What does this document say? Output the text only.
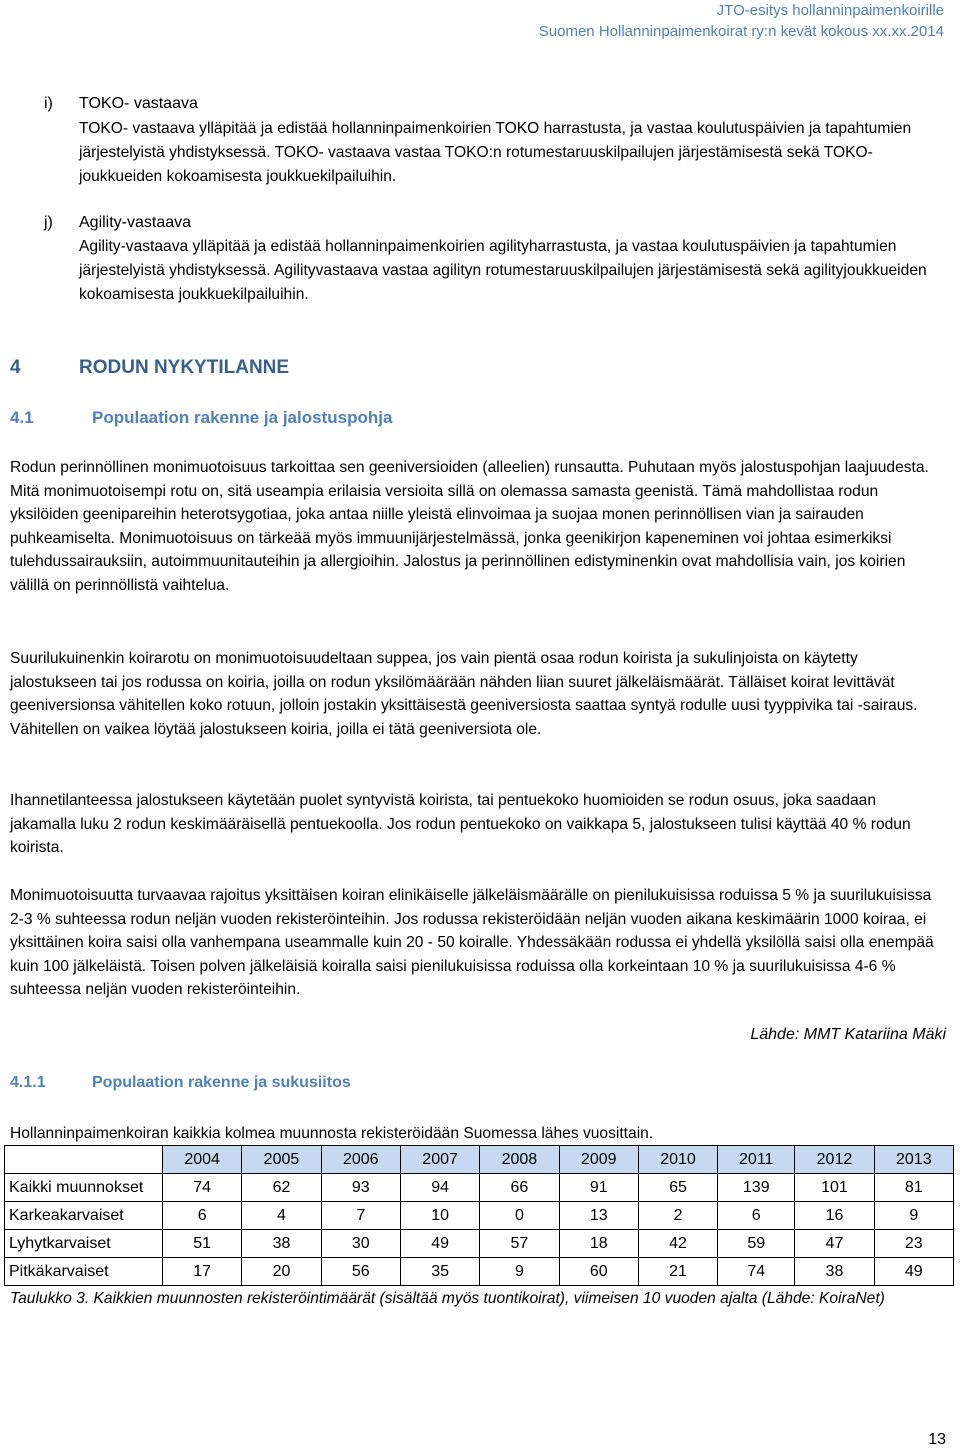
JTO-esitys hollanninpaimenkoirille
Suomen Hollanninpaimenkoirat ry:n kevät kokous xx.xx.2014
i) TOKO- vastaava
TOKO- vastaava ylläpitää ja edistää hollanninpaimenkoirien TOKO harrastusta, ja vastaa koulutuspäivien ja tapahtumien järjestelyistä yhdistyksessä. TOKO- vastaava vastaa TOKO:n rotumestaruuskilpailujen järjestämisestä sekä TOKO- joukkueiden kokoamisesta joukkuekilpailuihin.
j) Agility-vastaava
Agility-vastaava ylläpitää ja edistää hollanninpaimenkoirien agilityharrastusta, ja vastaa koulutuspäivien ja tapahtumien järjestelyistä yhdistyksessä. Agilityvastaava vastaa agilityn rotumestaruuskilpailujen järjestämisestä sekä agilityjoukkueiden kokoamisesta joukkuekilpailuihin.
4	RODUN NYKYTILANNE
4.1	Populaation rakenne ja jalostuspohja
Rodun perinnöllinen monimuotoisuus tarkoittaa sen geeniversioiden (alleelien) runsautta. Puhutaan myös jalostuspohjan laajuudesta. Mitä monimuotoisempi rotu on, sitä useampia erilaisia versioita sillä on olemassa samasta geenistä. Tämä mahdollistaa rodun yksilöiden geenipareihin heterotsygotiaa, joka antaa niille yleistä elinvoimaa ja suojaa monen perinnöllisen vian ja sairauden puhkeamiselta. Monimuotoisuus on tärkeää myös immuunijärjestelmässä, jonka geenikirjon kapeneminen voi johtaa esimerkiksi tulehdussairauksiin, autoimmuunitauteihin ja allergioihin. Jalostus ja perinnöllinen edistyminenkin ovat mahdollisia vain, jos koirien välillä on perinnöllistä vaihtelua.
Suurilukuinenkin koirarotu on monimuotoisuudeltaan suppea, jos vain pientä osaa rodun koirista ja sukulinjoista on käytetty jalostukseen tai jos rodussa on koiria, joilla on rodun yksilömäärään nähden liian suuret jälkeläismäärät. Tälläiset koirat levittävät geeniversionsa vähitellen koko rotuun, jolloin jostakin yksittäisestä geeniversiosta saattaa syntyä rodulle uusi tyyppivika tai -sairaus. Vähitellen on vaikea löytää jalostukseen koiria, joilla ei tätä geeniversiota ole.
Ihannetilanteessa jalostukseen käytetään puolet syntyvistä koirista, tai pentuekoko huomioiden se rodun osuus, joka saadaan jakamalla luku 2 rodun keskimääräisellä pentuekoolla. Jos rodun pentuekoko on vaikkapa 5, jalostukseen tulisi käyttää 40 % rodun koirista.
Monimuotoisuutta turvaavaa rajoitus yksittäisen koiran elinikäiselle jälkeläismäärälle on pienilukuisissa roduissa 5 % ja suurilukuisissa 2-3 % suhteessa rodun neljän vuoden rekisteröinteihin. Jos rodussa rekisteröidään neljän vuoden aikana keskimäärin 1000 koiraa, ei yksittäinen koira saisi olla vanhempana useammalle kuin 20 - 50 koiralle. Yhdessäkään rodussa ei yhdellä yksilöllä saisi olla enempää kuin 100 jälkeläistä. Toisen polven jälkeläisiä koiralla saisi pienilukuisissa roduissa olla korkeintaan 10 % ja suurilukuisissa 4-6 % suhteessa neljän vuoden rekisteröinteihin.
Lähde: MMT Katariina Mäki
4.1.1	Populaation rakenne ja sukusiitos
Hollanninpaimenkoiran kaikkia kolmea muunnosta rekisteröidään Suomessa lähes vuosittain.
	2004	2005	2006	2007	2008	2009	2010	2011	2012	2013
Kaikki muunnokset	74	62	93	94	66	91	65	139	101	81
Karkeakarvaiset	6	4	7	10	0	13	2	6	16	9
Lyhytkarvaiset	51	38	30	49	57	18	42	59	47	23
Pitkäkarvaiset	17	20	56	35	9	60	21	74	38	49
Taulukko 3. Kaikkien muunnosten rekisteröintimäärät (sisältää myös tuontikoirat), viimeisen 10 vuoden ajalta (Lähde: KoiraNet)
13
